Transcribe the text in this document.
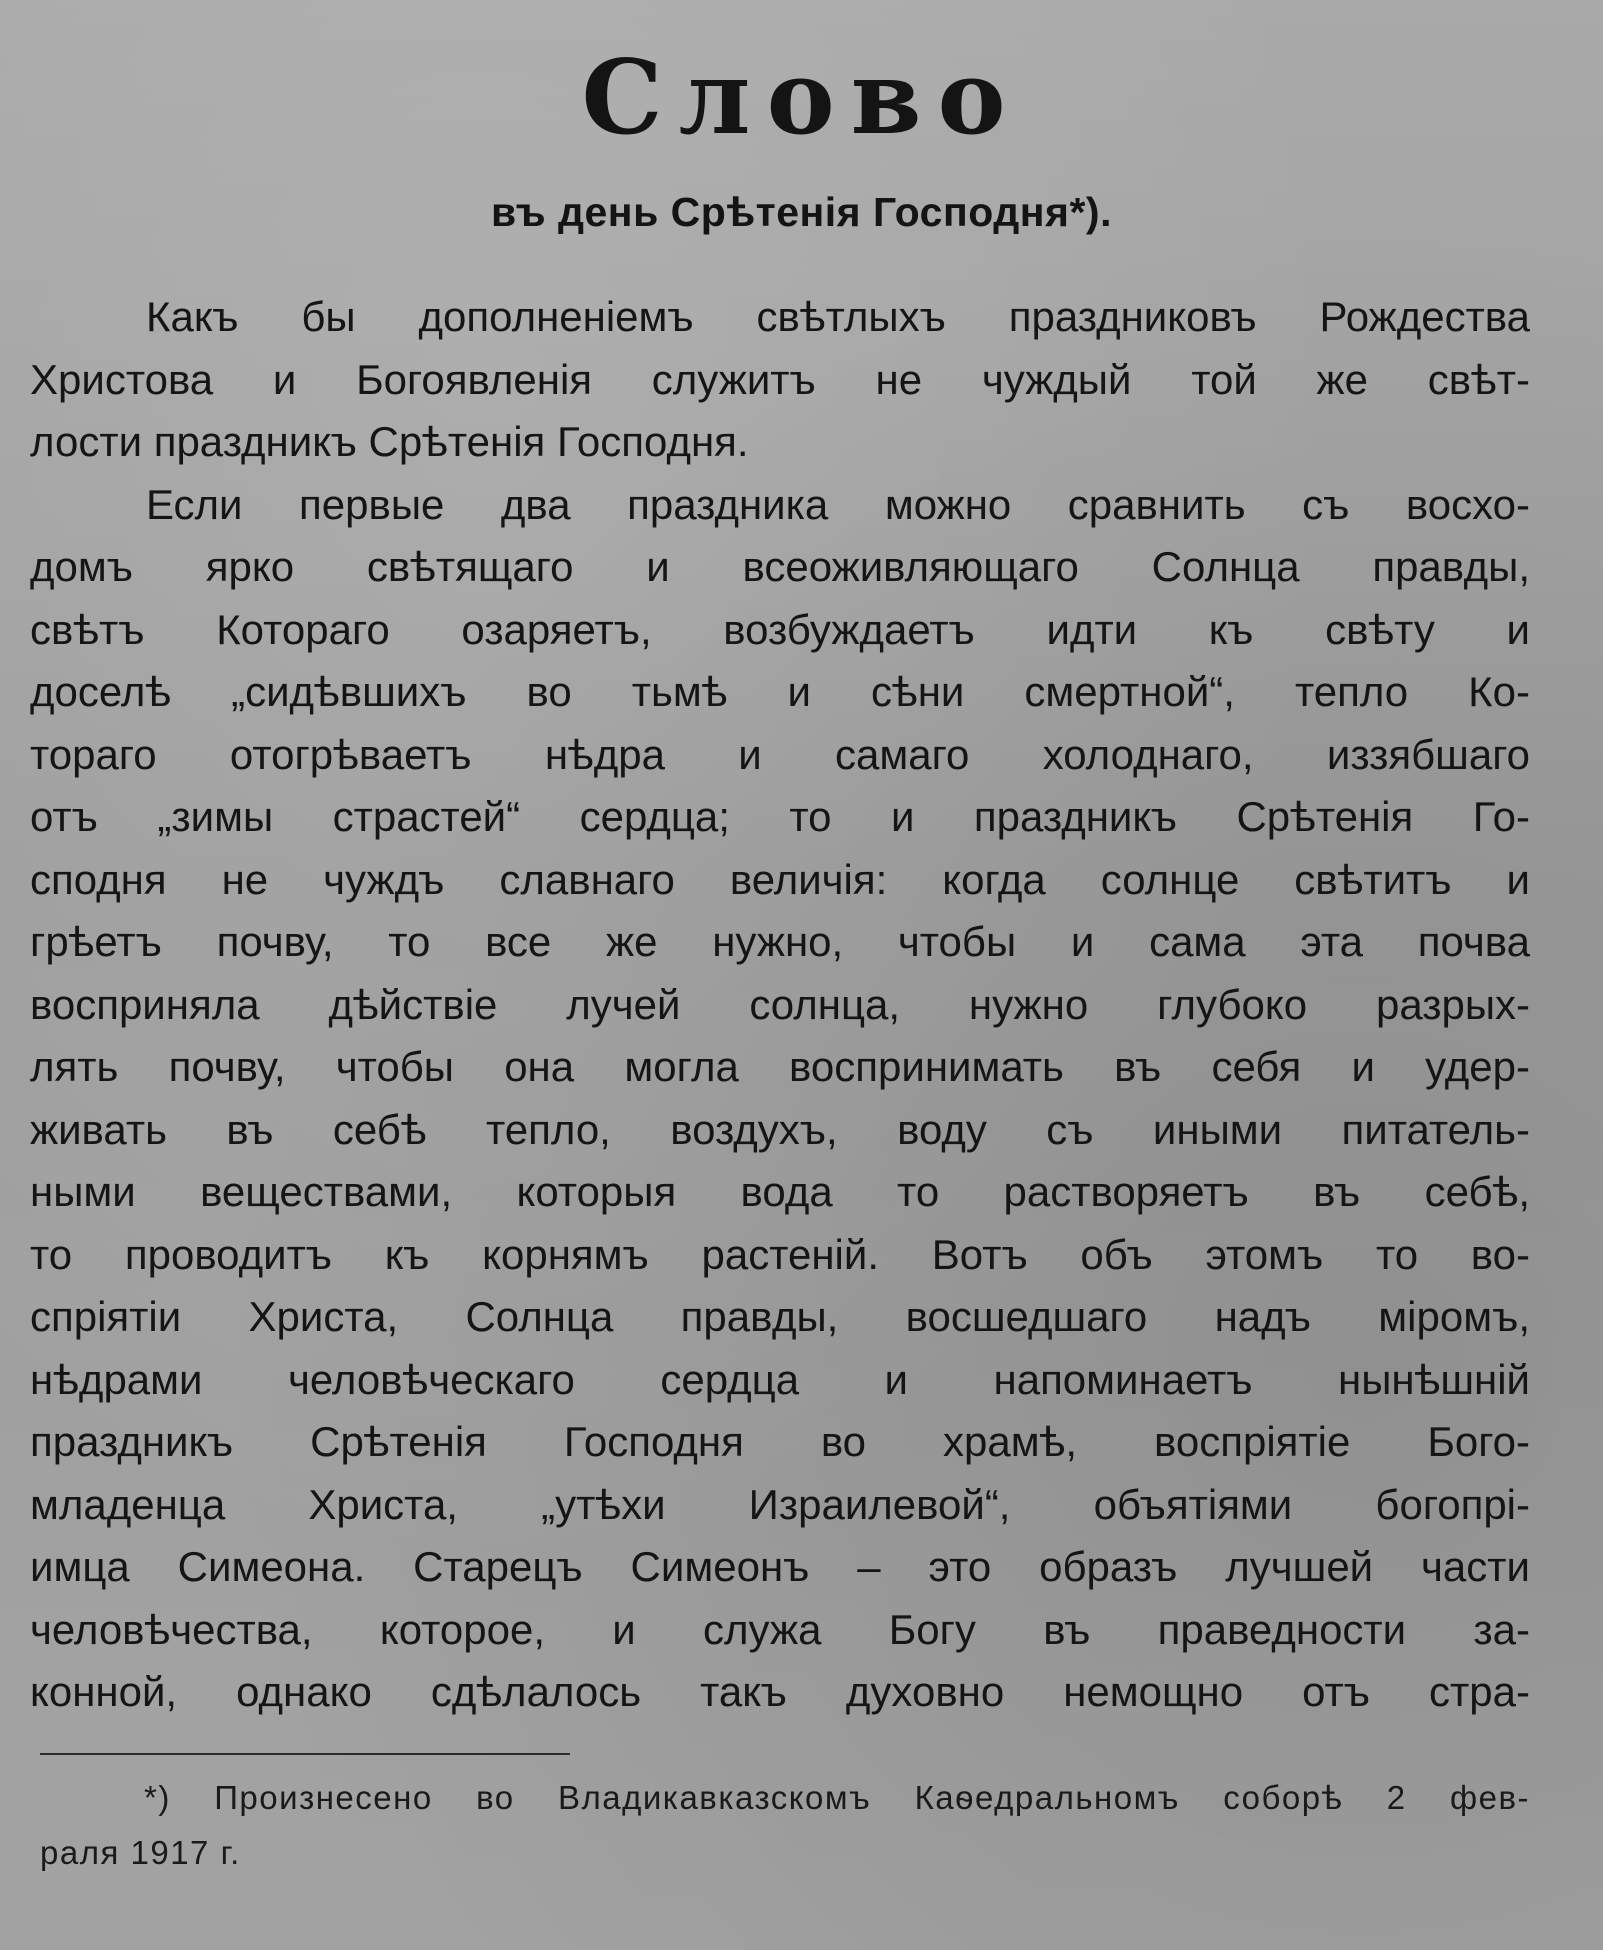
Слово
въ день Срѣтенія Господня*).
Какъ бы дополненіемъ свѣтлыхъ праздниковъ Рождества
Христова и Богоявленія служитъ не чуждый той же свѣт-
лости праздникъ Срѣтенія Господня.
Если первые два праздника можно сравнить съ восхо-
домъ ярко свѣтящаго и всеоживляющаго Солнца правды,
свѣтъ Котораго озаряетъ, возбуждаетъ идти къ свѣту и
доселѣ „сидѣвшихъ во тьмѣ и сѣни смертной“, тепло Ко-
тораго отогрѣваетъ нѣдра и самаго холоднаго, иззябшаго
отъ „зимы страстей“ сердца; то и праздникъ Срѣтенія Го-
сподня не чуждъ славнаго величія: когда солнце свѣтитъ и
грѣетъ почву, то все же нужно, чтобы и сама эта почва
восприняла дѣйствіе лучей солнца, нужно глубоко разрых-
лять почву, чтобы она могла воспринимать въ себя и удер-
живать въ себѣ тепло, воздухъ, воду съ иными питатель-
ными веществами, которыя вода то растворяетъ въ себѣ,
то проводитъ къ корнямъ растеній. Вотъ объ этомъ то во-
спріятіи Христа, Солнца правды, восшедшаго надъ міромъ,
нѣдрами человѣческаго сердца и напоминаетъ нынѣшній
праздникъ Срѣтенія Господня во храмѣ, воспріятіе Бого-
младенца Христа, „утѣхи Израилевой“, объятіями богопрі-
имца Симеона. Старецъ Симеонъ – это образъ лучшей части
человѣчества, которое, и служа Богу въ праведности за-
конной, однако сдѣлалось такъ духовно немощно отъ стра-
*) Произнесено во Владикавказскомъ Каѳедральномъ соборѣ 2 фев-
раля 1917 г.
